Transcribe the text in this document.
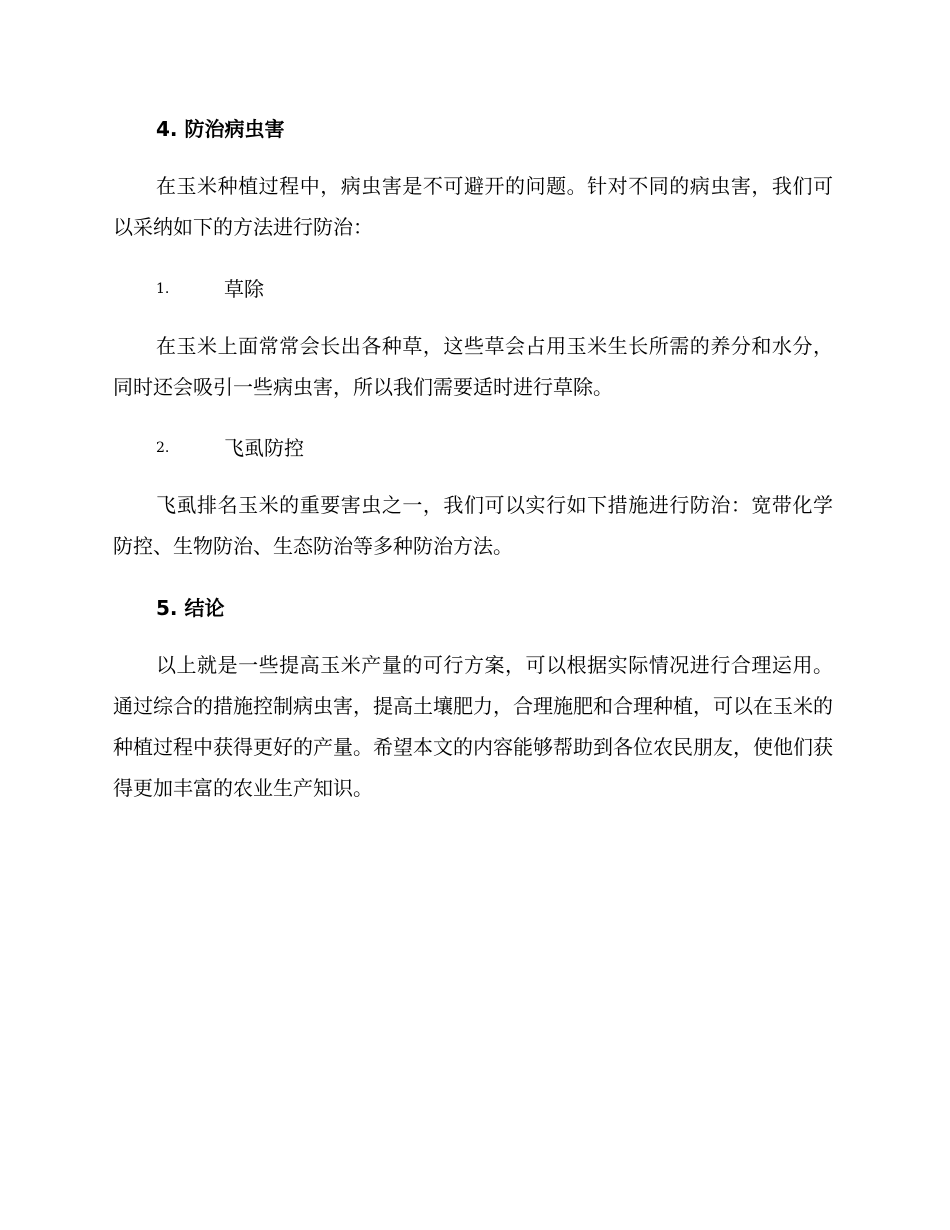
4. 防治病虫害

在玉米种植过程中，病虫害是不可避开的问题。针对不同的病虫害，我们可以采纳如下的方法进行防治：

1.	草除

在玉米上面常常会长出各种草，这些草会占用玉米生长所需的养分和水分，同时还会吸引一些病虫害，所以我们需要适时进行草除。

2.	飞虱防控

飞虱排名玉米的重要害虫之一，我们可以实行如下措施进行防治：宽带化学防控、生物防治、生态防治等多种防治方法。

5. 结论

以上就是一些提高玉米产量的可行方案，可以根据实际情况进行合理运用。通过综合的措施控制病虫害，提高土壤肥力，合理施肥和合理种植，可以在玉米的种植过程中获得更好的产量。希望本文的内容能够帮助到各位农民朋友，使他们获得更加丰富的农业生产知识。
